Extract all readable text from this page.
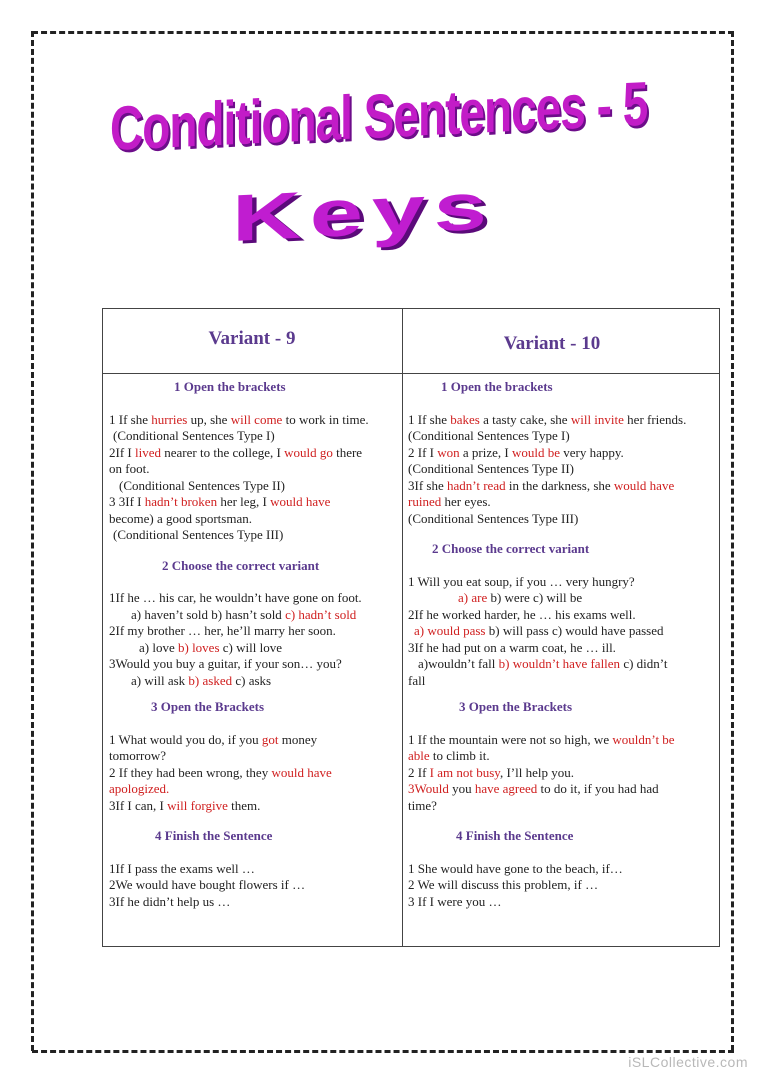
Conditional Sentences - 5
Keys
Variant - 9	Variant - 10
1 Open the brackets
1 If she hurries up, she will come to work in time.
(Conditional Sentences Type I)
2If I lived nearer to the college, I would go there
on foot.
(Conditional Sentences Type II)
3 3If I hadn’t broken her leg, I would have
become) a good sportsman.
(Conditional Sentences Type III)
2 Choose the correct variant
1If he … his car, he wouldn’t have gone on foot.
a) haven’t sold b) hasn’t sold c) hadn’t sold
2If my brother … her, he’ll marry her soon.
a) love b) loves c) will love
3Would you buy a guitar, if your son… you?
a) will ask b) asked c) asks
3 Open the Brackets
1 What would you do, if you got money
tomorrow?
2 If they had been wrong, they would have
apologized.
3If I can, I will forgive them.
4 Finish the Sentence
1If I pass the exams well …
2We would have bought flowers if …
3If he didn’t help us …
1 Open the brackets
1 If she bakes a tasty cake, she will invite her friends.
(Conditional Sentences Type I)
2 If I won a prize, I would be very happy.
(Conditional Sentences Type II)
3If she hadn’t read in the darkness, she would have
ruined her eyes.
(Conditional Sentences Type III)
2 Choose the correct variant
1 Will you eat soup, if you … very hungry?
a) are b) were c) will be
2If he worked harder, he … his exams well.
a) would pass b) will pass c) would have passed
3If he had put on a warm coat, he … ill.
a)wouldn’t fall b) wouldn’t have fallen c) didn’t
fall
3 Open the Brackets
1 If the mountain were not so high, we wouldn’t be
able to climb it.
2 If I am not busy, I’ll help you.
3Would you have agreed to do it, if you had had
time?
4 Finish the Sentence
1 She would have gone to the beach, if…
2 We will discuss this problem, if …
3 If I were you …
iSLCollective.com
